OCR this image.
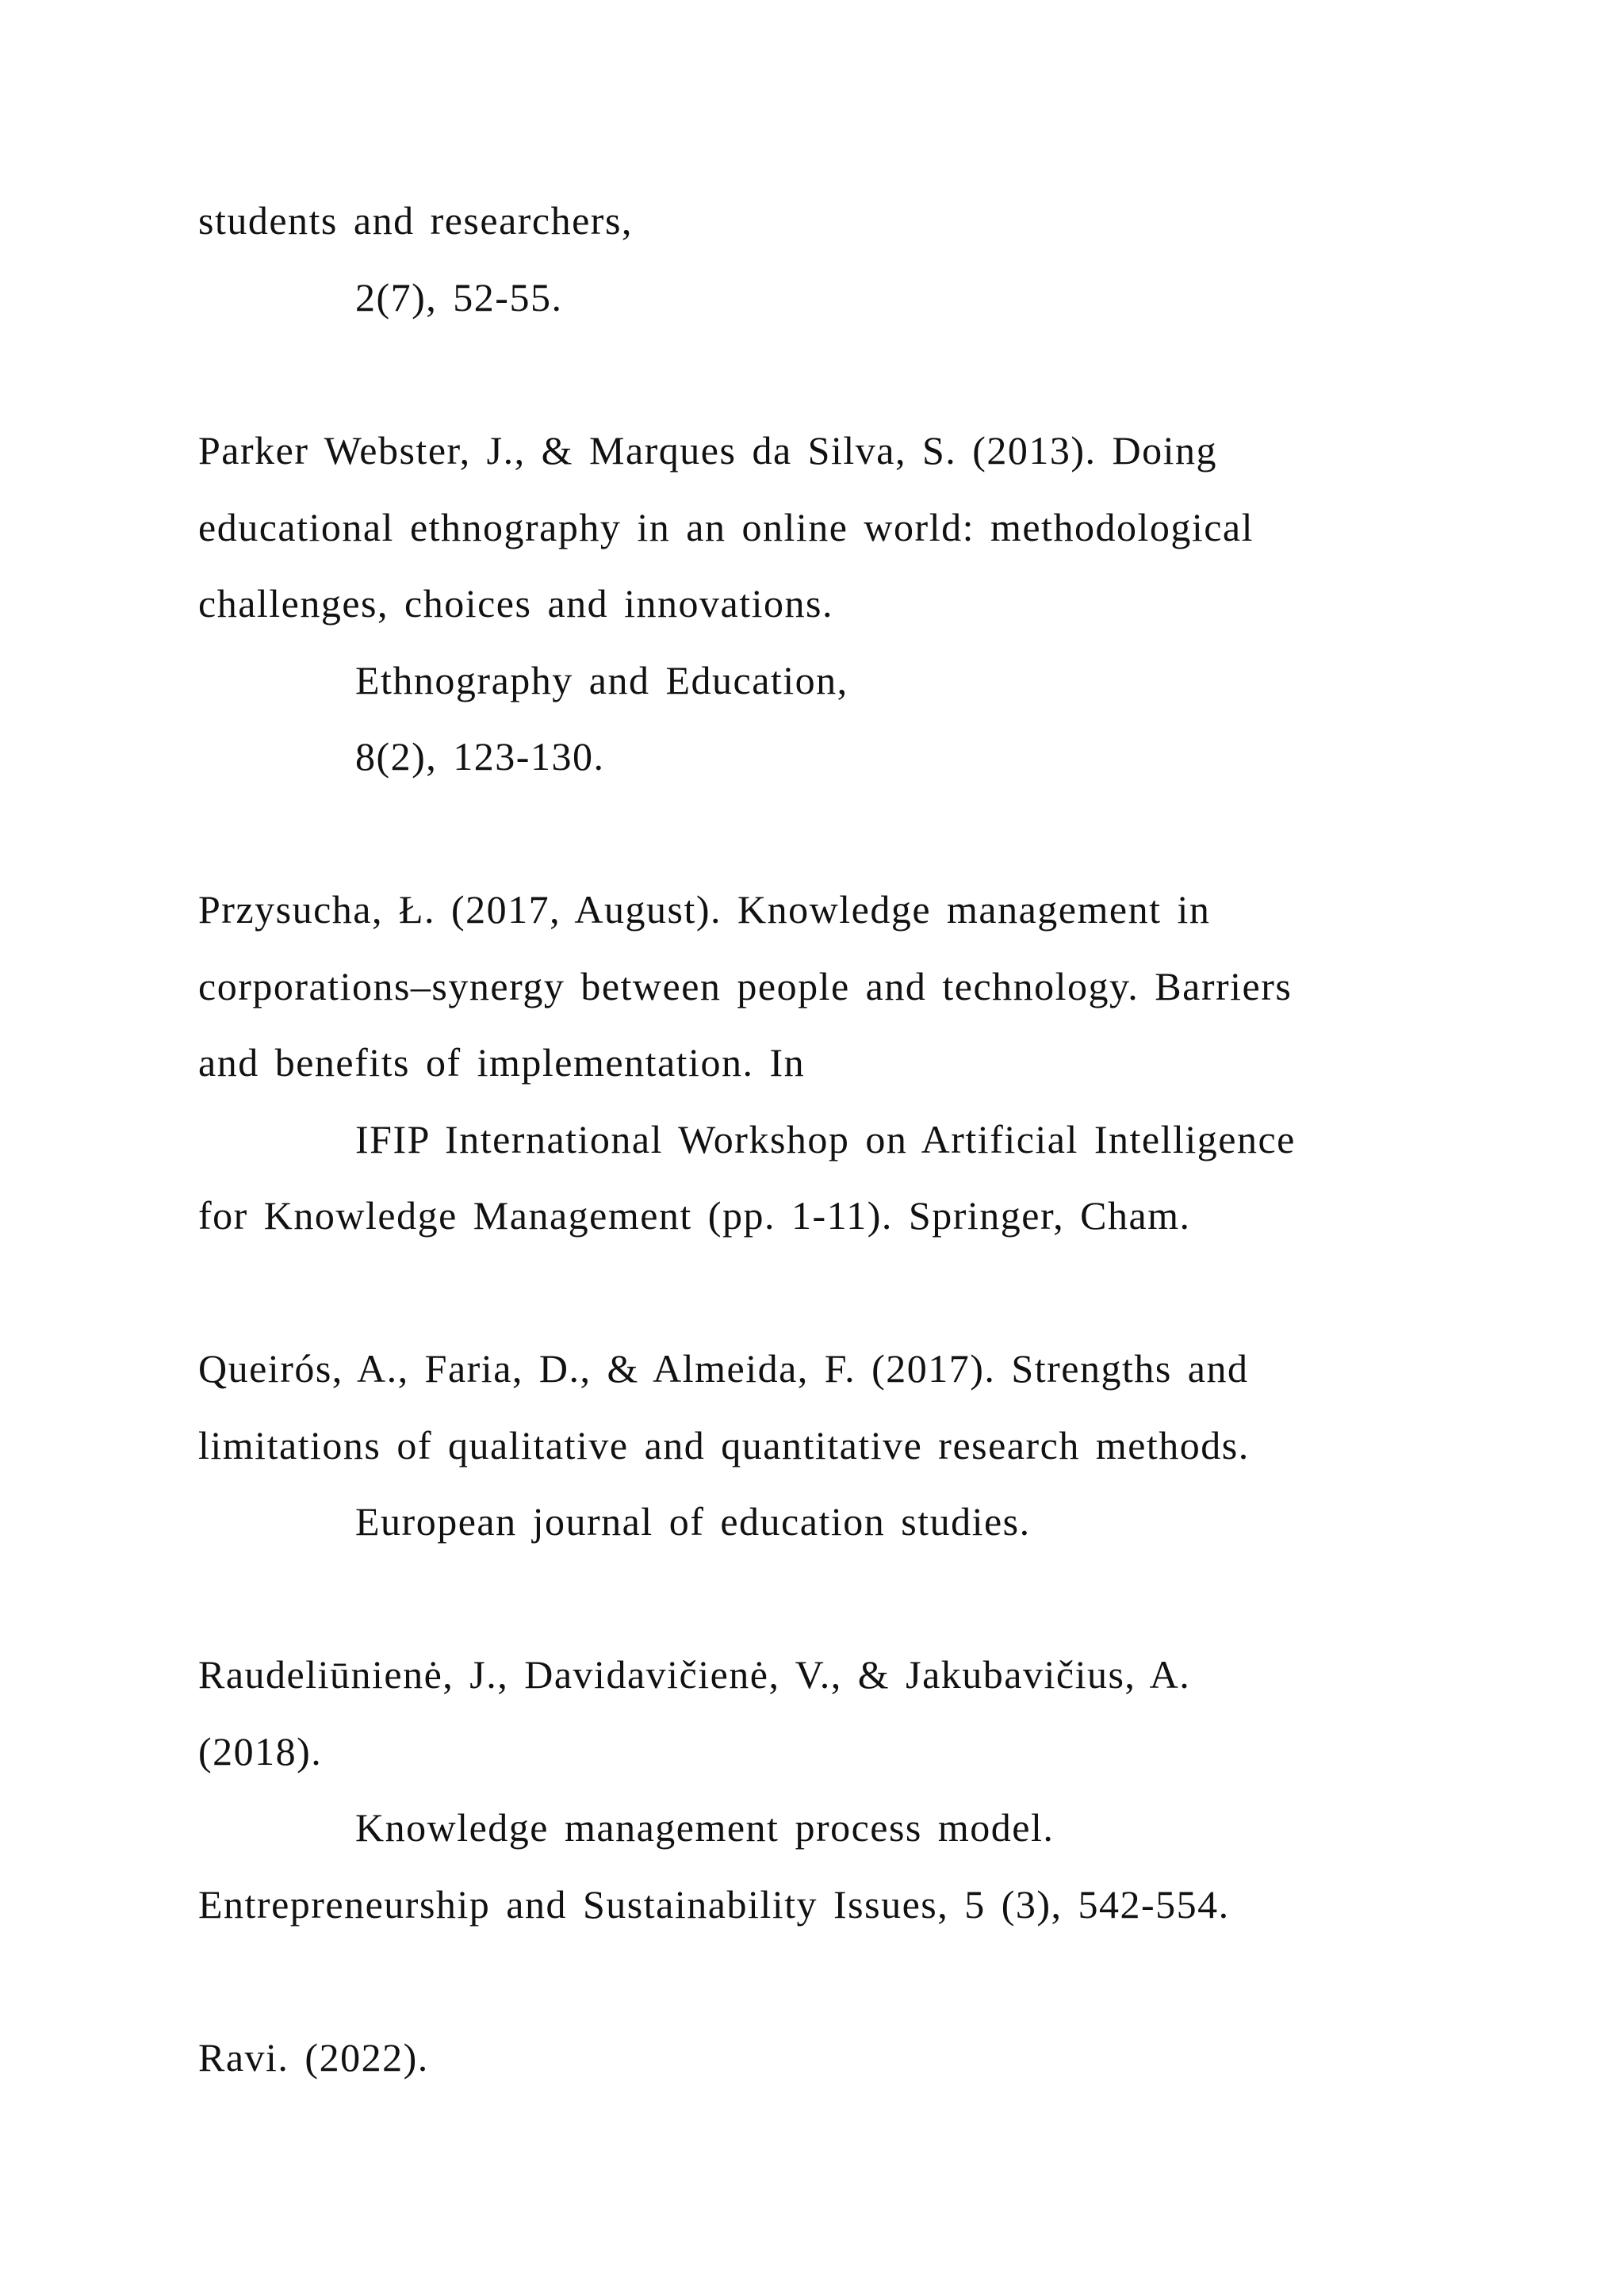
students and researchers,
2(7), 52-55.
Parker Webster, J., & Marques da Silva, S. (2013). Doing
educational ethnography in an online world: methodological
challenges, choices and innovations.
Ethnography and Education,
8(2), 123-130.
Przysucha, Ł. (2017, August). Knowledge management in
corporations–synergy between people and technology. Barriers
and benefits of implementation. In
IFIP International Workshop on Artificial Intelligence
for Knowledge Management (pp. 1-11). Springer, Cham.
Queirós, A., Faria, D., & Almeida, F. (2017). Strengths and
limitations of qualitative and quantitative research methods.
European journal of education studies.
Raudeliūnienė, J., Davidavičienė, V., & Jakubavičius, A.
(2018).
Knowledge management process model.
Entrepreneurship and Sustainability Issues, 5 (3), 542-554.
Ravi. (2022).
